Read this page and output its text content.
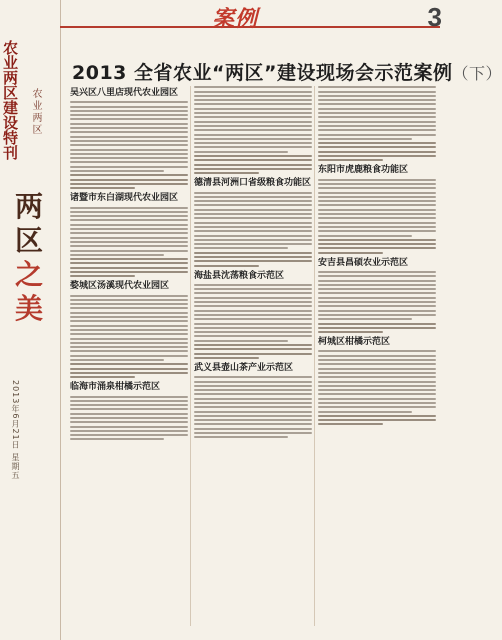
农业两区建设特刊 农业两区
两区
之美
2013年6月21日 星期五
案例	3
2013 全省农业“两区”建设现场会示范案例（下）
吴兴区八里店现代农业园区
诸暨市东白湖现代农业园区
婺城区汤溪现代农业园区
临海市涌泉柑橘示范区
德清县河洲口省级粮食功能区
海盐县沈荡粮食示范区
武义县壶山茶产业示范区
东阳市虎鹿粮食功能区
安吉县昌硕农业示范区
柯城区柑橘示范区
